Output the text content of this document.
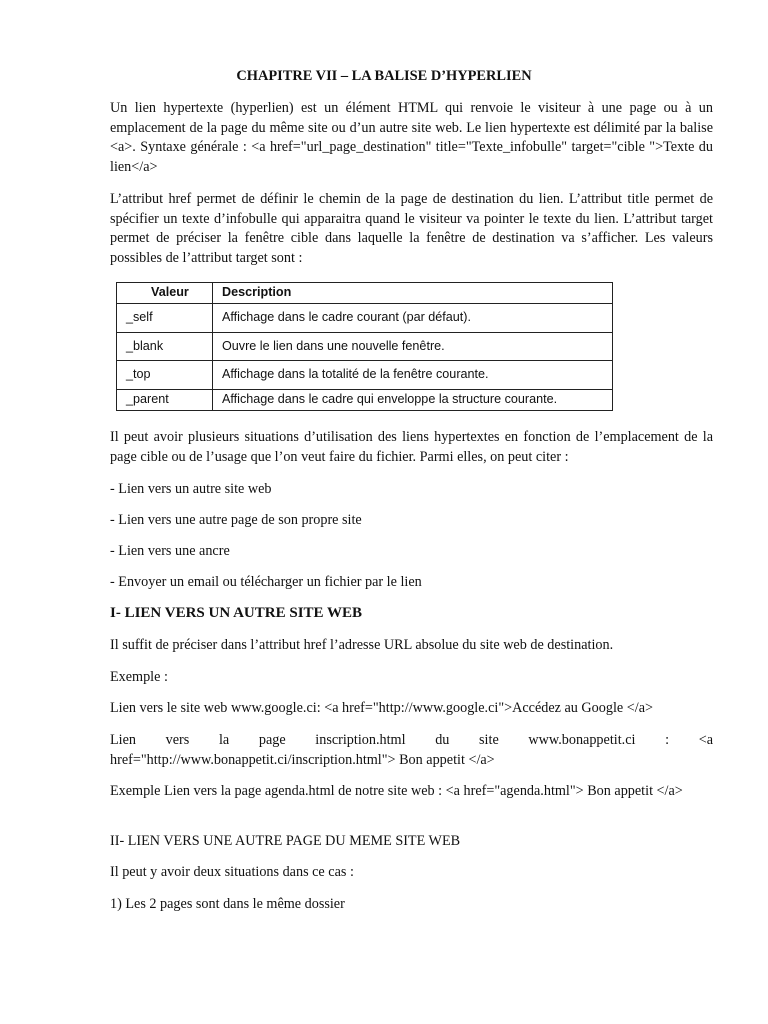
CHAPITRE VII – LA BALISE D’HYPERLIEN

Un lien hypertexte (hyperlien) est un élément HTML qui renvoie le visiteur à une page ou à un emplacement de la page du même site ou d’un autre site web. Le lien hypertexte est délimité par la balise <a>. Syntaxe générale : <a href="url_page_destination" title="Texte_infobulle" target="cible ">Texte du lien</a>

L’attribut href permet de définir le chemin de la page de destination du lien. L’attribut title permet de spécifier un texte d’infobulle qui apparaitra quand le visiteur va pointer le texte du lien. L’attribut target permet de préciser la fenêtre cible dans laquelle la fenêtre de destination va s’afficher. Les valeurs possibles de l’attribut target sont :

Valeur	Description
_self	Affichage dans le cadre courant (par défaut).
_blank	Ouvre le lien dans une nouvelle fenêtre.
_top	Affichage dans la totalité de la fenêtre courante.
_parent	Affichage dans le cadre qui enveloppe la structure courante.

Il peut avoir plusieurs situations d’utilisation des liens hypertextes en fonction de l’emplacement de la page cible ou de l’usage que l’on veut faire du fichier. Parmi elles, on peut citer :

- Lien vers un autre site web

- Lien vers une autre page de son propre site

- Lien vers une ancre

- Envoyer un email ou télécharger un fichier par le lien

I- LIEN VERS UN AUTRE SITE WEB

Il suffit de préciser dans l’attribut href l’adresse URL absolue du site web de destination.

Exemple :

Lien vers le site web www.google.ci: <a href="http://www.google.ci">Accédez au Google </a>

Lien vers la page inscription.html du site www.bonappetit.ci : <a href="http://www.bonappetit.ci/inscription.html"> Bon appetit </a>

Exemple Lien vers la page agenda.html de notre site web : <a href="agenda.html"> Bon appetit </a>

II- LIEN VERS UNE AUTRE PAGE DU MEME SITE WEB

Il peut y avoir deux situations dans ce cas :

1) Les 2 pages sont dans le même dossier
